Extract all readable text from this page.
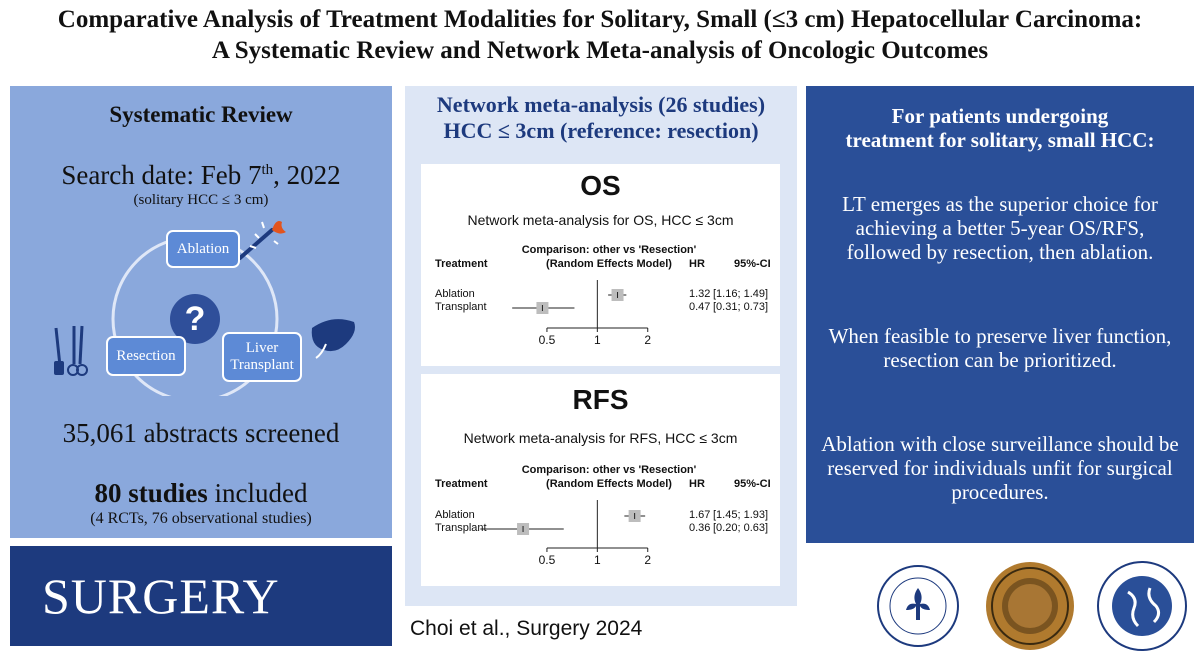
Comparative Analysis of Treatment Modalities for Solitary, Small (≤3 cm) Hepatocellular Carcinoma:
A Systematic Review and Network Meta-analysis of Oncologic Outcomes
Systematic Review
Search date: Feb 7th, 2022
(solitary HCC ≤ 3 cm)
Ablation
?
Resection	Liver Transplant
35,061 abstracts screened
80 studies included
(4 RCTs, 76 observational studies)
SURGERY
Network meta-analysis (26 studies)
HCC ≤ 3cm (reference: resection)
OS
Network meta-analysis for OS, HCC ≤ 3cm
Comparison: other vs 'Resection'
Treatment	(Random Effects Model)	HR	95%-CI
Ablation	1.32 [1.16; 1.49]
Transplant	0.47 [0.31; 0.73]
0.5	1	2
RFS
Network meta-analysis for RFS, HCC ≤ 3cm
Comparison: other vs 'Resection'
Treatment	(Random Effects Model)	HR	95%-CI
Ablation	1.67 [1.45; 1.93]
Transplant	0.36 [0.20; 0.63]
0.5	1	2
Choi et al., Surgery 2024
For patients undergoing
treatment for solitary, small HCC:
LT emerges as the superior choice for achieving a better 5-year OS/RFS, followed by resection, then ablation.
When feasible to preserve liver function, resection can be prioritized.
Ablation with close surveillance should be reserved for individuals unfit for surgical procedures.
